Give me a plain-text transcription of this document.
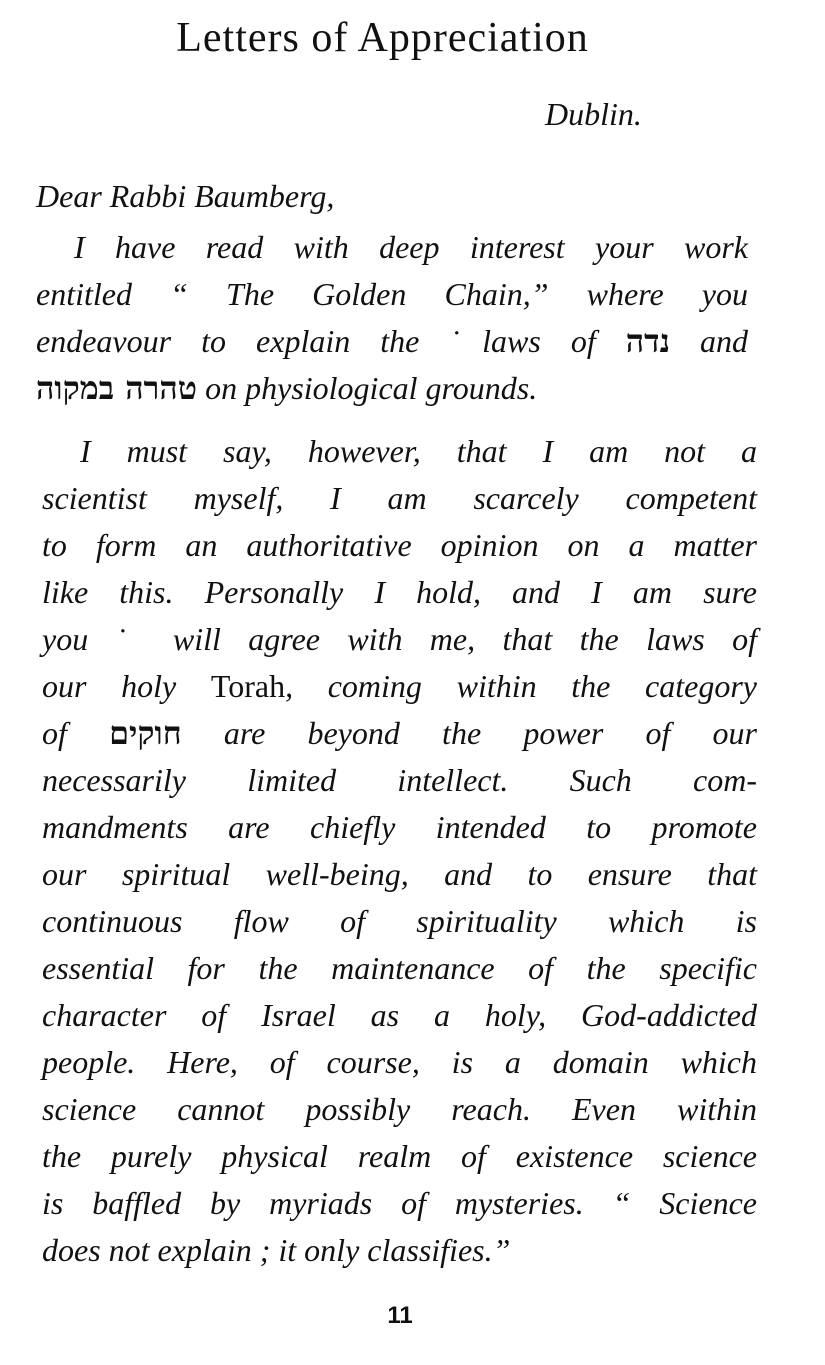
Letters of Appreciation
Dublin.
Dear Rabbi Baumberg,
I have read with deep interest your work
entitled “ The Golden Chain,” where you
endeavour to explain the ˙laws of נדה and
טהרה במקוה on physiological grounds.
I must say, however, that I am not a
scientist myself, I am scarcely competent
to form an authoritative opinion on a matter
like this. Personally I hold, and I am sure
you ˙ will agree with me, that the laws of
our holy Torah, coming within the category
of חוקים are beyond the power of our
necessarily limited intellect. Such com-
mandments are chiefly intended to promote
our spiritual well-being, and to ensure that
continuous flow of spirituality which is
essential for the maintenance of the specific
character of Israel as a holy, God-addicted
people. Here, of course, is a domain which
science cannot possibly reach. Even within
the purely physical realm of existence science
is baffled by myriads of mysteries. “ Science
does not explain ; it only classifies.”
11
